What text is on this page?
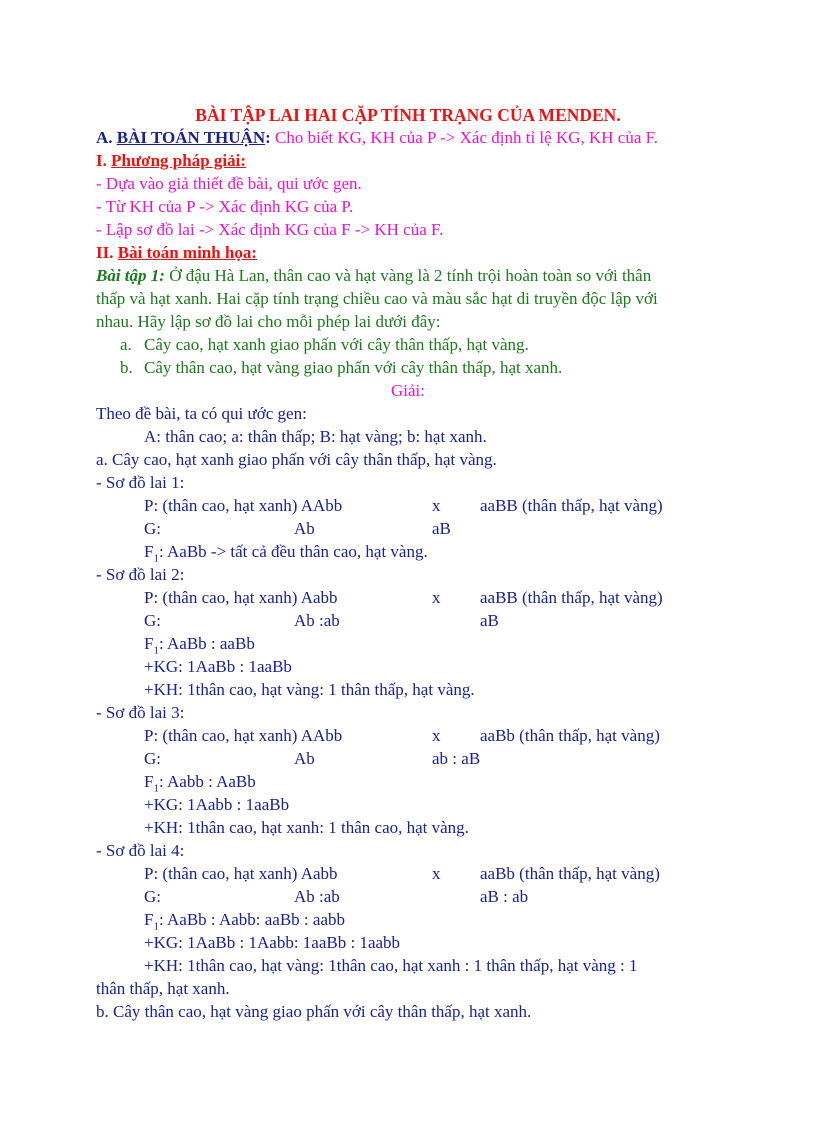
BÀI TẬP LAI HAI CẶP TÍNH TRẠNG CỦA MENDEN.
A. BÀI TOÁN THUẬN: Cho biết KG, KH của P -> Xác định tỉ lệ KG, KH của F.
I. Phương pháp giải:
- Dựa vào giả thiết đề bài, qui ước gen.
- Từ KH của P -> Xác định KG của P.
- Lập sơ đồ lai -> Xác định KG của F -> KH của F.
II. Bài toán minh họa:
Bài tập 1: Ở đậu Hà Lan, thân cao và hạt vàng là 2 tính trội hoàn toàn so với thân
thấp và hạt xanh. Hai cặp tính trạng chiều cao và màu sắc hạt di truyền độc lập với
nhau. Hãy lập sơ đồ lai cho mỗi phép lai dưới đây:
a. Cây cao, hạt xanh giao phấn với cây thân thấp, hạt vàng.
b. Cây thân cao, hạt vàng giao phấn với cây thân thấp, hạt xanh.
Giải:
Theo đề bài, ta có qui ước gen:
A: thân cao; a: thân thấp; B: hạt vàng; b: hạt xanh.
a. Cây cao, hạt xanh giao phấn với cây thân thấp, hạt vàng.
- Sơ đồ lai 1:
P: (thân cao, hạt xanh) AAbb	x aaBB (thân thấp, hạt vàng)
G:	Ab	aB
$F_1$: AaBb -> tất cả đều thân cao, hạt vàng.
- Sơ đồ lai 2:
P: (thân cao, hạt xanh) Aabb	x aaBB (thân thấp, hạt vàng)
G:	Ab :ab	aB
$F_1$: AaBb : aaBb
+KG: 1AaBb : 1aaBb
+KH: 1thân cao, hạt vàng: 1 thân thấp, hạt vàng.
- Sơ đồ lai 3:
P: (thân cao, hạt xanh) AAbb	x aaBb (thân thấp, hạt vàng)
G:	Ab	ab : aB
$F_1$: Aabb : AaBb
+KG: 1Aabb : 1aaBb
+KH: 1thân cao, hạt xanh: 1 thân cao, hạt vàng.
- Sơ đồ lai 4:
P: (thân cao, hạt xanh) Aabb	x aaBb (thân thấp, hạt vàng)
G:	Ab :ab	aB : ab
$F_1$: AaBb : Aabb: aaBb : aabb
+KG: 1AaBb : 1Aabb: 1aaBb : 1aabb
+KH: 1thân cao, hạt vàng: 1thân cao, hạt xanh : 1 thân thấp, hạt vàng : 1
thân thấp, hạt xanh.
b. Cây thân cao, hạt vàng giao phấn với cây thân thấp, hạt xanh.
